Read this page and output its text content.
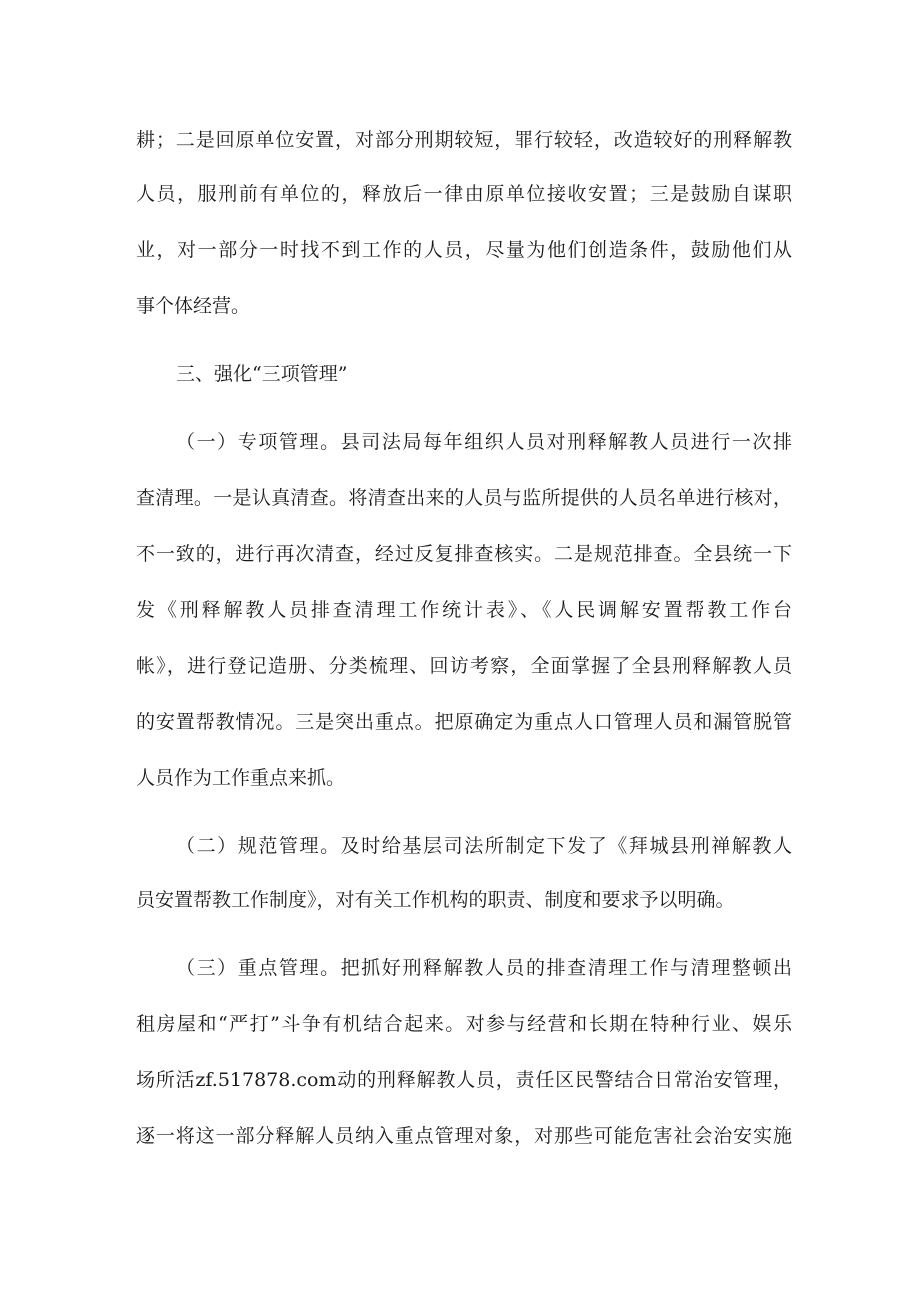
耕；二是回原单位安置，对部分刑期较短，罪行较轻，改造较好的刑释解教
人员，服刑前有单位的，释放后一律由原单位接收安置；三是鼓励自谋职
业，对一部分一时找不到工作的人员，尽量为他们创造条件，鼓励他们从
事个体经营。
三、强化“三项管理”
（一）专项管理。县司法局每年组织人员对刑释解教人员进行一次排
查清理。一是认真清查。将清查出来的人员与监所提供的人员名单进行核对，
不一致的，进行再次清查，经过反复排查核实。二是规范排查。全县统一下
发《刑释解教人员排查清理工作统计表》、《人民调解安置帮教工作台
帐》，进行登记造册、分类梳理、回访考察，全面掌握了全县刑释解教人员
的安置帮教情况。三是突出重点。把原确定为重点人口管理人员和漏管脱管
人员作为工作重点来抓。
（二）规范管理。及时给基层司法所制定下发了《拜城县刑禅解教人
员安置帮教工作制度》，对有关工作机构的职责、制度和要求予以明确。
（三）重点管理。把抓好刑释解教人员的排查清理工作与清理整顿出
租房屋和“严打”斗争有机结合起来。对参与经营和长期在特种行业、娱乐
场所活zf.517878.com动的刑释解教人员，责任区民警结合日常治安管理，
逐一将这一部分释解人员纳入重点管理对象，对那些可能危害社会治安实施
